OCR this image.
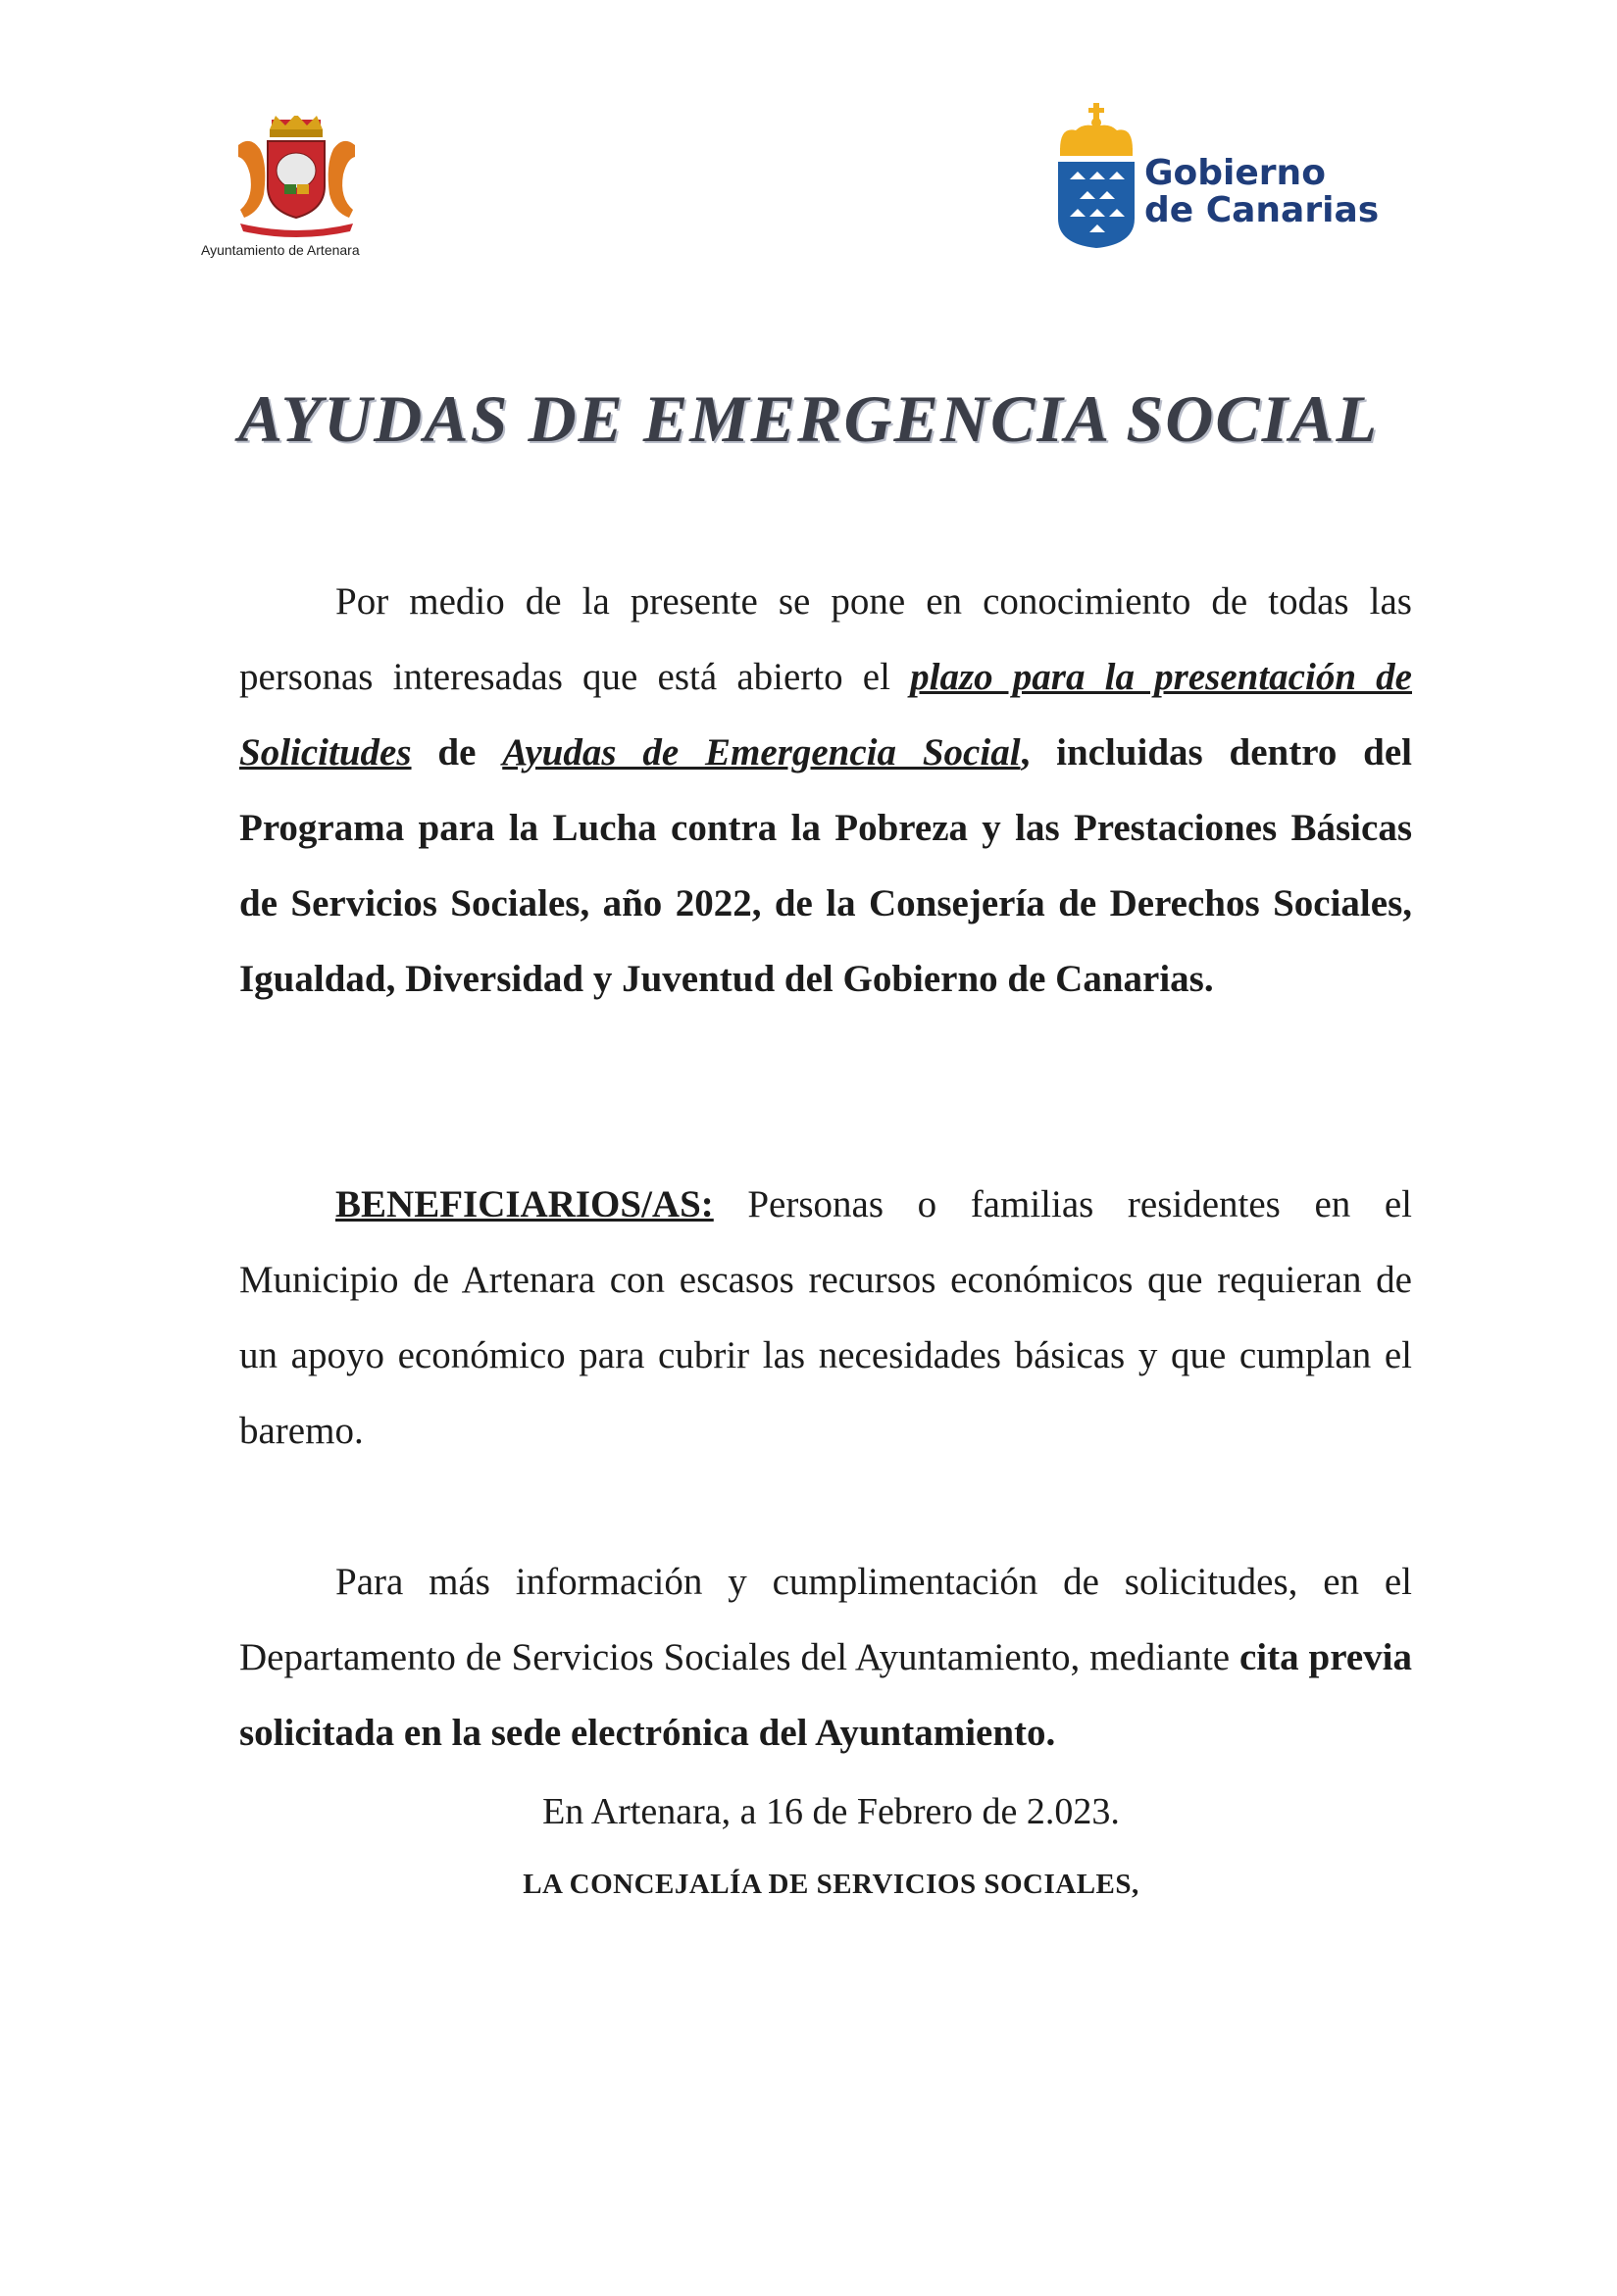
Ayuntamiento de Artenara
Gobierno
de Canarias
AYUDAS DE EMERGENCIA SOCIAL

Por medio de la presente se pone en conocimiento de todas las personas interesadas que está abierto el plazo para la presentación de Solicitudes de Ayudas de Emergencia Social, incluidas dentro del Programa para la Lucha contra la Pobreza y las Prestaciones Básicas de Servicios Sociales, año 2022, de la Consejería de Derechos Sociales, Igualdad, Diversidad y Juventud del Gobierno de Canarias.

BENEFICIARIOS/AS: Personas o familias residentes en el Municipio de Artenara con escasos recursos económicos que requieran de un apoyo económico para cubrir las necesidades básicas y que cumplan el baremo.

Para más información y cumplimentación de solicitudes, en el Departamento de Servicios Sociales del Ayuntamiento, mediante cita previa solicitada en la sede electrónica del Ayuntamiento.

En Artenara, a 16 de Febrero de 2.023.
LA CONCEJALÍA DE SERVICIOS SOCIALES,
